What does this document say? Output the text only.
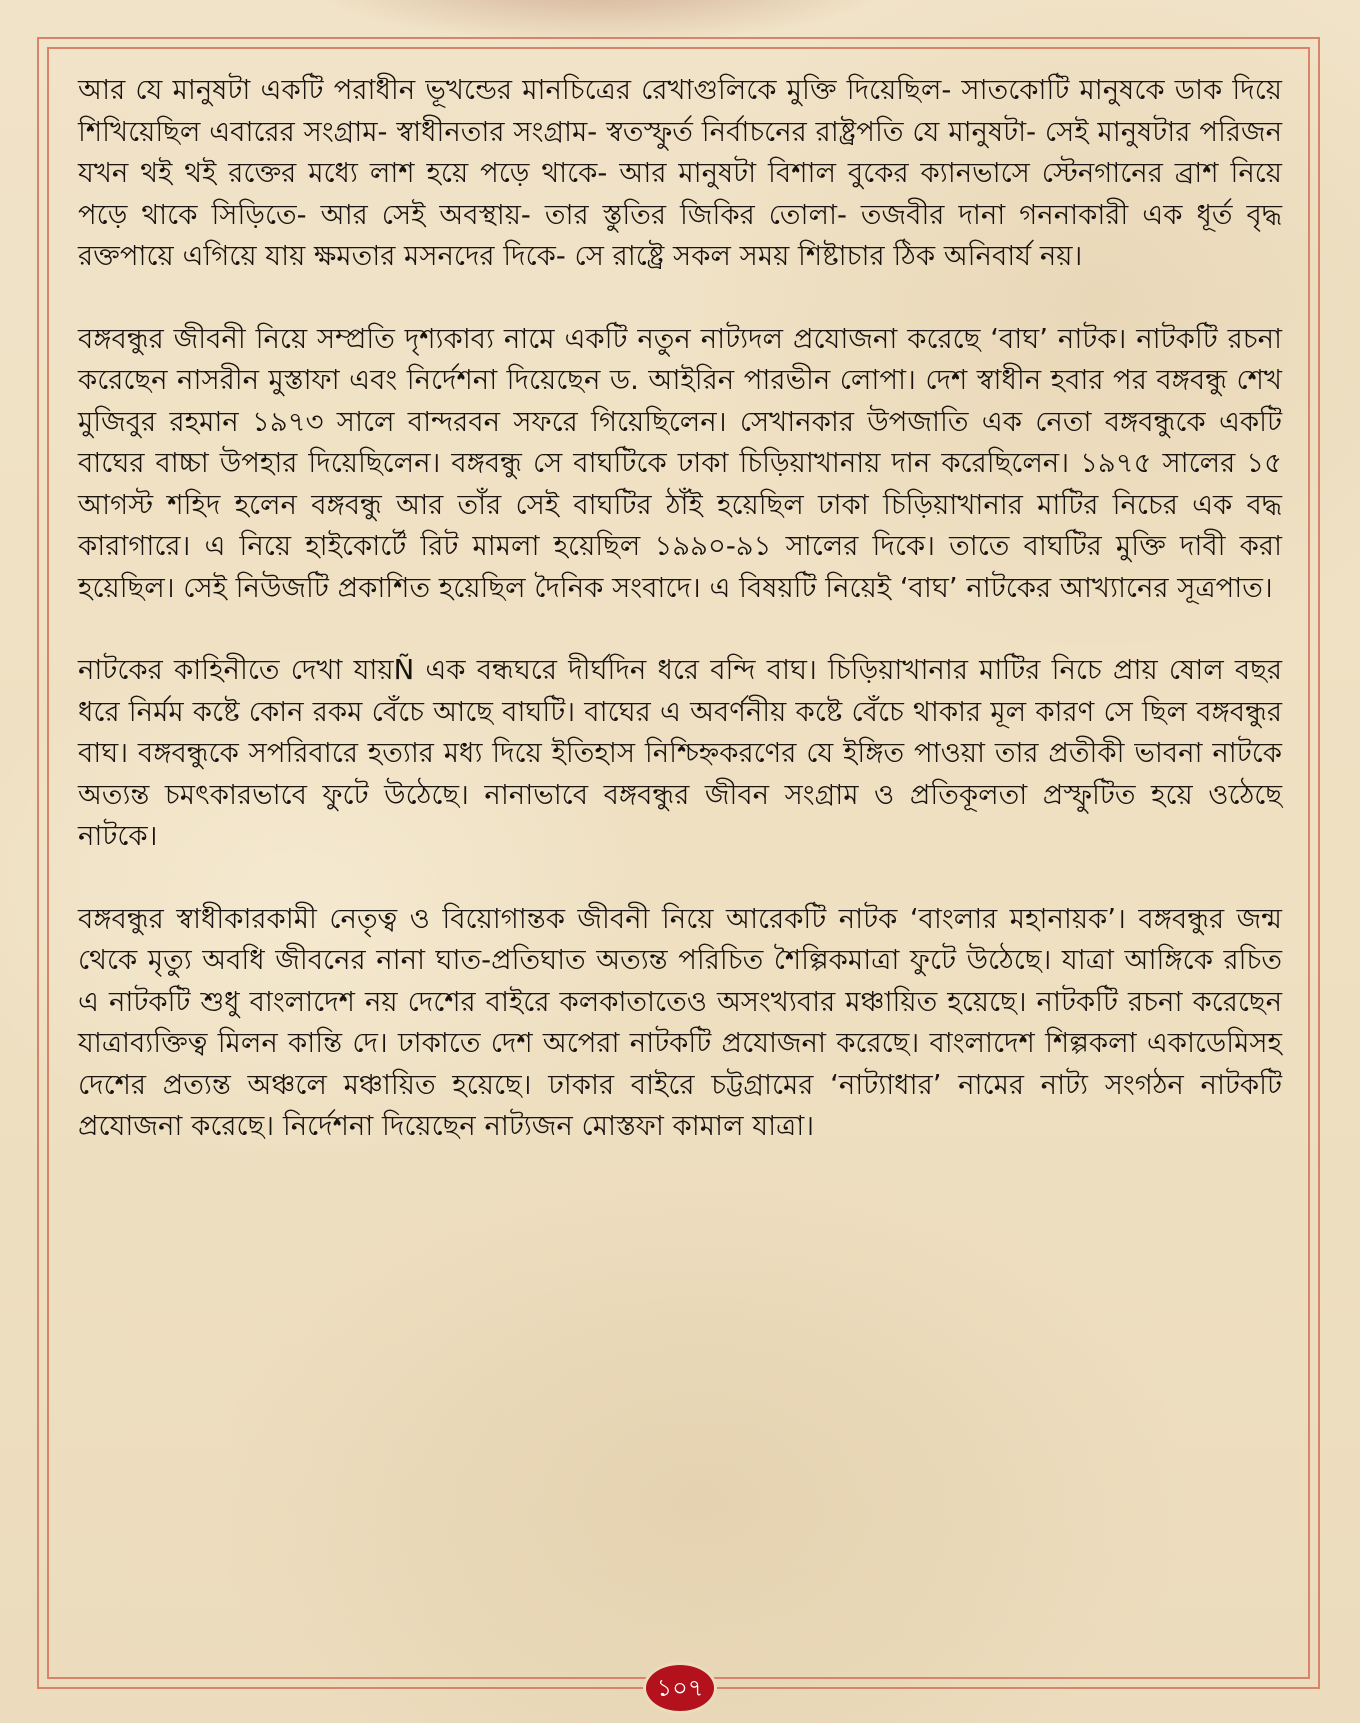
আর যে মানুষটা একটি পরাধীন ভূখন্ডের মানচিত্রের রেখাগুলিকে মুক্তি দিয়েছিল- সাতকোটি মানুষকে ডাক দিয়ে শিখিয়েছিল এবারের সংগ্রাম- স্বাধীনতার সংগ্রাম- স্বতস্ফুর্ত নির্বাচনের রাষ্ট্রপতি যে মানুষটা- সেই মানুষটার পরিজন যখন থই থই রক্তের মধ্যে লাশ হয়ে পড়ে থাকে- আর মানুষটা বিশাল বুকের ক্যানভাসে স্টেনগানের ব্রাশ নিয়ে পড়ে থাকে সিড়িতে- আর সেই অবস্থায়- তার স্তুতির জিকির তোলা- তজবীর দানা গননাকারী এক ধূর্ত বৃদ্ধ রক্তপায়ে এগিয়ে যায় ক্ষমতার মসনদের দিকে- সে রাষ্ট্রে সকল সময় শিষ্টাচার ঠিক অনিবার্য নয়।

বঙ্গবন্ধুর জীবনী নিয়ে সম্প্রতি দৃশ্যকাব্য নামে একটি নতুন নাট্যদল প্রযোজনা করেছে ‘বাঘ’ নাটক। নাটকটি রচনা করেছেন নাসরীন মুস্তাফা এবং নির্দেশনা দিয়েছেন ড. আইরিন পারভীন লোপা। দেশ স্বাধীন হবার পর বঙ্গবন্ধু শেখ মুজিবুর রহমান ১৯৭৩ সালে বান্দরবন সফরে গিয়েছিলেন। সেখানকার উপজাতি এক নেতা বঙ্গবন্ধুকে একটি বাঘের বাচ্চা উপহার দিয়েছিলেন। বঙ্গবন্ধু সে বাঘটিকে ঢাকা চিড়িয়াখানায় দান করেছিলেন। ১৯৭৫ সালের ১৫ আগস্ট শহিদ হলেন বঙ্গবন্ধু আর তাঁর সেই বাঘটির ঠাঁই হয়েছিল ঢাকা চিড়িয়াখানার মাটির নিচের এক বদ্ধ কারাগারে। এ নিয়ে হাইকোর্টে রিট মামলা হয়েছিল ১৯৯০-৯১ সালের দিকে। তাতে বাঘটির মুক্তি দাবী করা হয়েছিল। সেই নিউজটি প্রকাশিত হয়েছিল দৈনিক সংবাদে। এ বিষয়টি নিয়েই ‘বাঘ’ নাটকের আখ্যানের সূত্রপাত।

নাটকের কাহিনীতে দেখা যায়Ñ এক বন্ধঘরে দীর্ঘদিন ধরে বন্দি বাঘ। চিড়িয়াখানার মাটির নিচে প্রায় ষোল বছর ধরে নির্মম কষ্টে কোন রকম বেঁচে আছে বাঘটি। বাঘের এ অবর্ণনীয় কষ্টে বেঁচে থাকার মূল কারণ সে ছিল বঙ্গবন্ধুর বাঘ। বঙ্গবন্ধুকে সপরিবারে হত্যার মধ্য দিয়ে ইতিহাস নিশ্চিহ্নকরণের যে ইঙ্গিত পাওয়া তার প্রতীকী ভাবনা নাটকে অত্যন্ত চমৎকারভাবে ফুটে উঠেছে। নানাভাবে বঙ্গবন্ধুর জীবন সংগ্রাম ও প্রতিকূলতা প্রস্ফুটিত হয়ে ওঠেছে নাটকে।

বঙ্গবন্ধুর স্বাধীকারকামী নেতৃত্ব ও বিয়োগান্তক জীবনী নিয়ে আরেকটি নাটক ‘বাংলার মহানায়ক’। বঙ্গবন্ধুর জন্ম থেকে মৃত্যু অবধি জীবনের নানা ঘাত-প্রতিঘাত অত্যন্ত পরিচিত শৈল্পিকমাত্রা ফুটে উঠেছে। যাত্রা আঙ্গিকে রচিত এ নাটকটি শুধু বাংলাদেশ নয় দেশের বাইরে কলকাতাতেও অসংখ্যবার মঞ্চায়িত হয়েছে। নাটকটি রচনা করেছেন যাত্রাব্যক্তিত্ব মিলন কান্তি দে। ঢাকাতে দেশ অপেরা নাটকটি প্রযোজনা করেছে। বাংলাদেশ শিল্পকলা একাডেমিসহ দেশের প্রত্যন্ত অঞ্চলে মঞ্চায়িত হয়েছে। ঢাকার বাইরে চট্টগ্রামের ‘নাট্যাধার’ নামের নাট্য সংগঠন নাটকটি প্রযোজনা করেছে। নির্দেশনা দিয়েছেন নাট্যজন মোস্তফা কামাল যাত্রা।

১০৭
